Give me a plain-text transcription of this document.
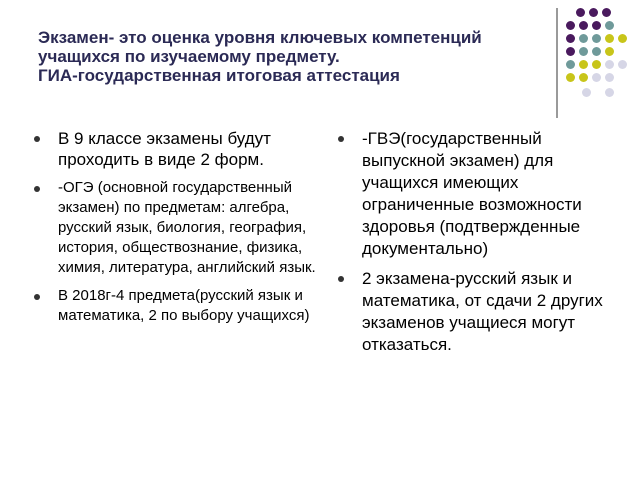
Экзамен- это оценка уровня ключевых компетенций
учащихся по изучаемому предмету.
ГИА-государственная итоговая аттестация
В 9 классе экзамены будут проходить в виде 2 форм.
-ОГЭ (основной государственный экзамен) по предметам: алгебра, русский язык, биология, география, история, обществознание, физика, химия, литература, английский язык.
В 2018г-4 предмета(русский язык и математика, 2 по выбору учащихся)
-ГВЭ(государственный выпускной экзамен) для учащихся имеющих ограниченные возможности здоровья (подтвержденные документально)
2 экзамена-русский язык и математика, от сдачи 2 других экзаменов учащиеся могут отказаться.
